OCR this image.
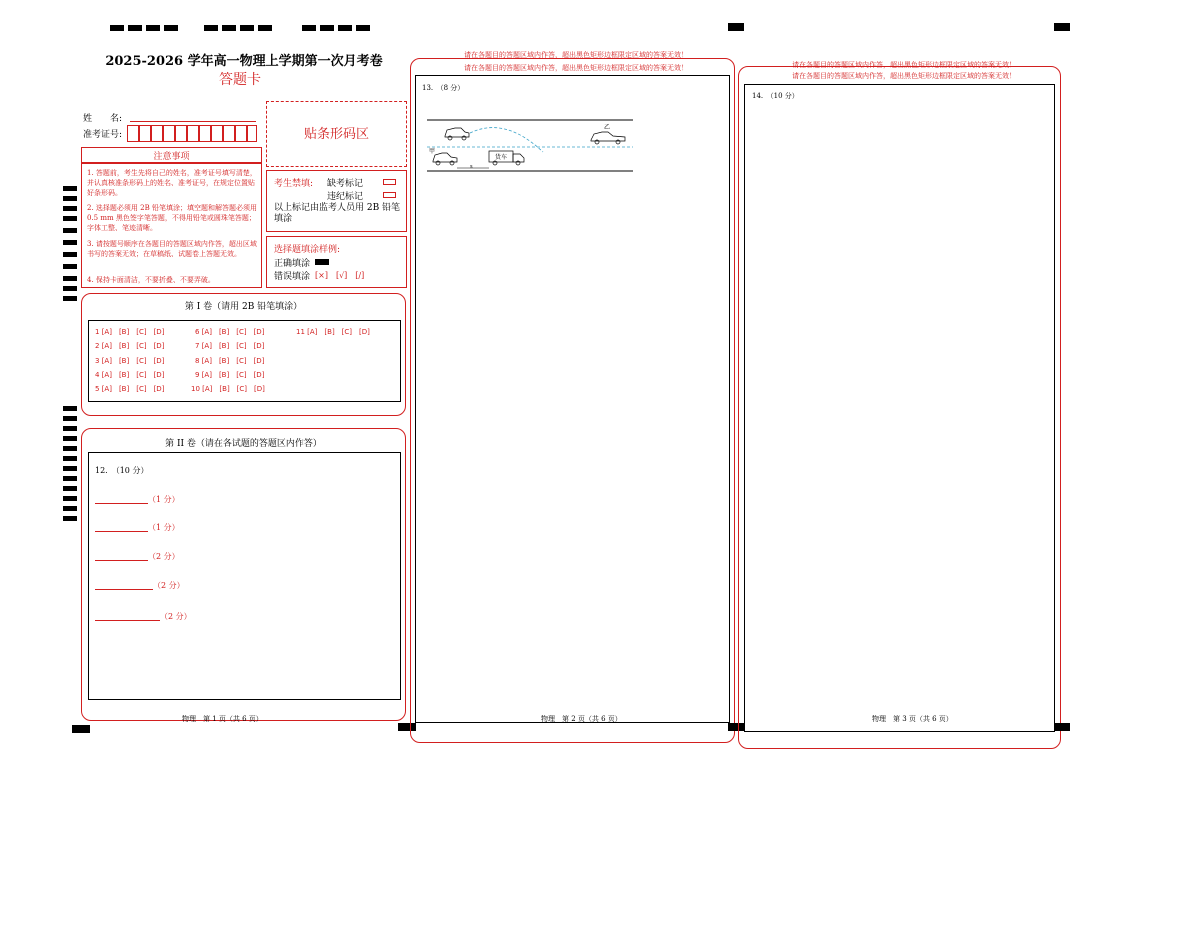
2025-2026 学年高一物理上学期第一次月考卷
答题卡
姓　　名:
准考证号:	贴条形码区
注意事项
1. 答题前，考生先将自己的姓名，准考证号填写清楚，并认真核准条形码上的姓名、准考证号，在规定位置贴好条形码。
2. 选择题必须用 2B 铅笔填涂；填空题和解答题必须用 0.5 mm 黑色签字笔答题，不得用铅笔或圆珠笔答题；字体工整、笔迹清晰。
3. 请按题号顺序在各题目的答题区域内作答，超出区域书写的答案无效；在草稿纸、试题卷上答题无效。
4. 保持卡面清洁，不要折叠、不要弄破。
考生禁填: 缺考标记
违纪标记
以上标记由监考人员用 2B 铅笔填涂
选择题填涂样例:
正确填涂
错误填涂 [×]　[√]　[/]
第 I 卷（请用 2B 铅笔填涂）
1 [A]　[B]　[C]　[D]	6 [A]　[B]　[C]　[D]	11 [A]　[B]　[C]　[D]
2 [A]　[B]　[C]　[D]	7 [A]　[B]　[C]　[D]
3 [A]　[B]　[C]　[D]	8 [A]　[B]　[C]　[D]
4 [A]　[B]　[C]　[D]	9 [A]　[B]　[C]　[D]
5 [A]　[B]　[C]　[D]	10 [A]　[B]　[C]　[D]
第 II 卷（请在各试题的答题区内作答）
12.　（10 分）
（1 分）
（1 分）
（2 分）
（2 分）
（2 分）
物理　第 1 页（共 6 页）
请在各题目的答题区域内作答，超出黑色矩形边框限定区域的答案无效！
请在各题目的答题区域内作答，超出黑色矩形边框限定区域的答案无效！
13.　（8 分）
乙
甲
货车
s
物理　第 2 页（共 6 页）
请在各题目的答题区域内作答，超出黑色矩形边框限定区域的答案无效！
请在各题目的答题区域内作答，超出黑色矩形边框限定区域的答案无效！
14.　（10 分）
物理　第 3 页（共 6 页）
